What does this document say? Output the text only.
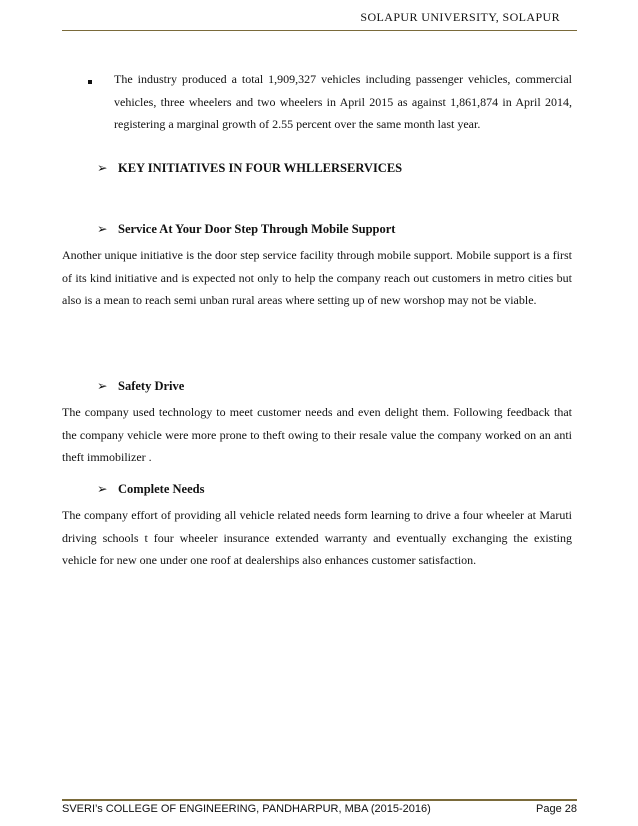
SOLAPUR UNIVERSITY, SOLAPUR

The industry produced a total 1,909,327 vehicles including passenger vehicles, commercial vehicles, three wheelers and two wheelers in April 2015 as against 1,861,874 in April 2014, registering a marginal growth of 2.55 percent over the same month last year.

➢ KEY INITIATIVES IN FOUR WHLLERSERVICES
➢ Service At Your Door Step Through Mobile Support

Another unique initiative is the door step service facility through mobile support. Mobile support is a first of its kind initiative and is expected not only to help the company reach out customers in metro cities but also is a mean to reach semi unban rural areas where setting up of new worshop may not be viable.

➢ Safety Drive

The company used technology to meet customer needs and even delight them. Following feedback that the company vehicle were more prone to theft owing to their resale value the company worked on an anti theft immobilizer .

➢ Complete Needs

The company effort of providing all vehicle related needs form learning to drive a four wheeler at Maruti driving schools t four wheeler insurance extended warranty and eventually exchanging the existing vehicle for new one under one roof at dealerships also enhances customer satisfaction.

SVERI’s COLLEGE OF ENGINEERING, PANDHARPUR, MBA (2015-2016)	Page 28
